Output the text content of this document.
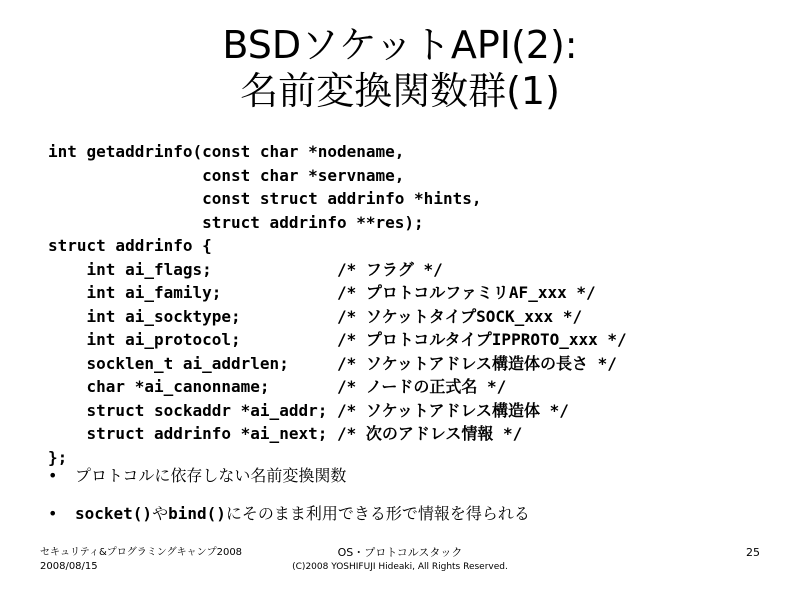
BSDソケットAPI(2):
名前変換関数群(1)
int getaddrinfo(const char *nodename,
const char *servname,
const struct addrinfo *hints,
struct addrinfo **res);
struct addrinfo {
int ai_flags;             /* フラグ */
int ai_family;            /* プロトコルファミリAF_xxx */
int ai_socktype;          /* ソケットタイプSOCK_xxx */
int ai_protocol;          /* プロトコルタイプIPPROTO_xxx */
socklen_t ai_addrlen;     /* ソケットアドレス構造体の長さ */
char *ai_canonname;       /* ノードの正式名 */
struct sockaddr *ai_addr; /* ソケットアドレス構造体 */
struct addrinfo *ai_next; /* 次のアドレス情報 */
};
•	プロトコルに依存しない名前変換関数
•	socket() や bind() にそのまま利用できる形で情報を得られる
セキュリティ&プログラミングキャンプ2008
2008/08/15
OS・プロトコルスタック
(C)2008 YOSHIFUJI Hideaki, All Rights Reserved.
25
